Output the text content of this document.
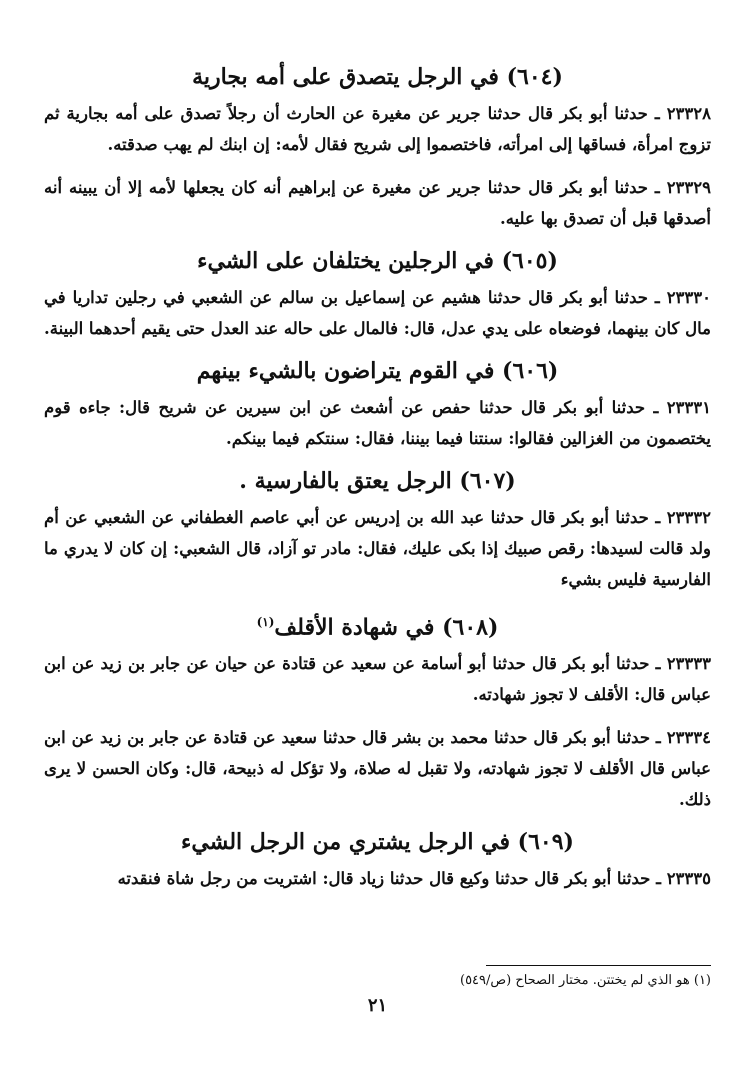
(٦٠٤) في الرجل يتصدق على أمه بجارية
٢٣٣٢٨ ـ حدثنا أبو بكر قال حدثنا جرير عن مغيرة عن الحارث أن رجلاً تصدق على أمه بجارية ثم تزوج امرأة، فساقها إلى امرأته، فاختصموا إلى شريح فقال لأمه: إن ابنك لم يهب صدقته.
٢٣٣٢٩ ـ حدثنا أبو بكر قال حدثنا جرير عن مغيرة عن إبراهيم أنه كان يجعلها لأمه إلا أن يبينه أنه أصدقها قبل أن تصدق بها عليه.
(٦٠٥) في الرجلين يختلفان على الشيء
٢٣٣٣٠ ـ حدثنا أبو بكر قال حدثنا هشيم عن إسماعيل بن سالم عن الشعبي في رجلين تداريا في مال كان بينهما، فوضعاه على يدي عدل، قال: فالمال على حاله عند العدل حتى يقيم أحدهما البينة.
(٦٠٦) في القوم يتراضون بالشيء بينهم
٢٣٣٣١ ـ حدثنا أبو بكر قال حدثنا حفص عن أشعث عن ابن سيرين عن شريح قال: جاءه قوم يختصمون من الغزالين فقالوا: سنتنا فيما بيننا، فقال: سنتكم فيما بينكم.
(٦٠٧) الرجل يعتق بالفارسية .
٢٣٣٣٢ ـ حدثنا أبو بكر قال حدثنا عبد الله بن إدريس عن أبي عاصم الغطفاني عن الشعبي عن أم ولد قالت لسيدها: رقص صبيك إذا بكى عليك، فقال: مادر تو آزاد، قال الشعبي: إن كان لا يدري ما الفارسية فليس بشيء
(٦٠٨) في شهادة الأقلف$^{(١)}$
٢٣٣٣٣ ـ حدثنا أبو بكر قال حدثنا أبو أسامة عن سعيد عن قتادة عن حيان عن جابر بن زيد عن ابن عباس قال: الأقلف لا تجوز شهادته.
٢٣٣٣٤ ـ حدثنا أبو بكر قال حدثنا محمد بن بشر قال حدثنا سعيد عن قتادة عن جابر بن زيد عن ابن عباس قال الأقلف لا تجوز شهادته، ولا تقبل له صلاة، ولا تؤكل له ذبيحة، قال: وكان الحسن لا يرى ذلك.
(٦٠٩) في الرجل يشتري من الرجل الشيء
٢٣٣٣٥ ـ حدثنا أبو بكر قال حدثنا وكيع قال حدثنا زياد قال: اشتريت من رجل شاة فنقدته
(١) هو الذي لم يختتن. مختار الصحاح (ص/٥٤٩)
٢١
